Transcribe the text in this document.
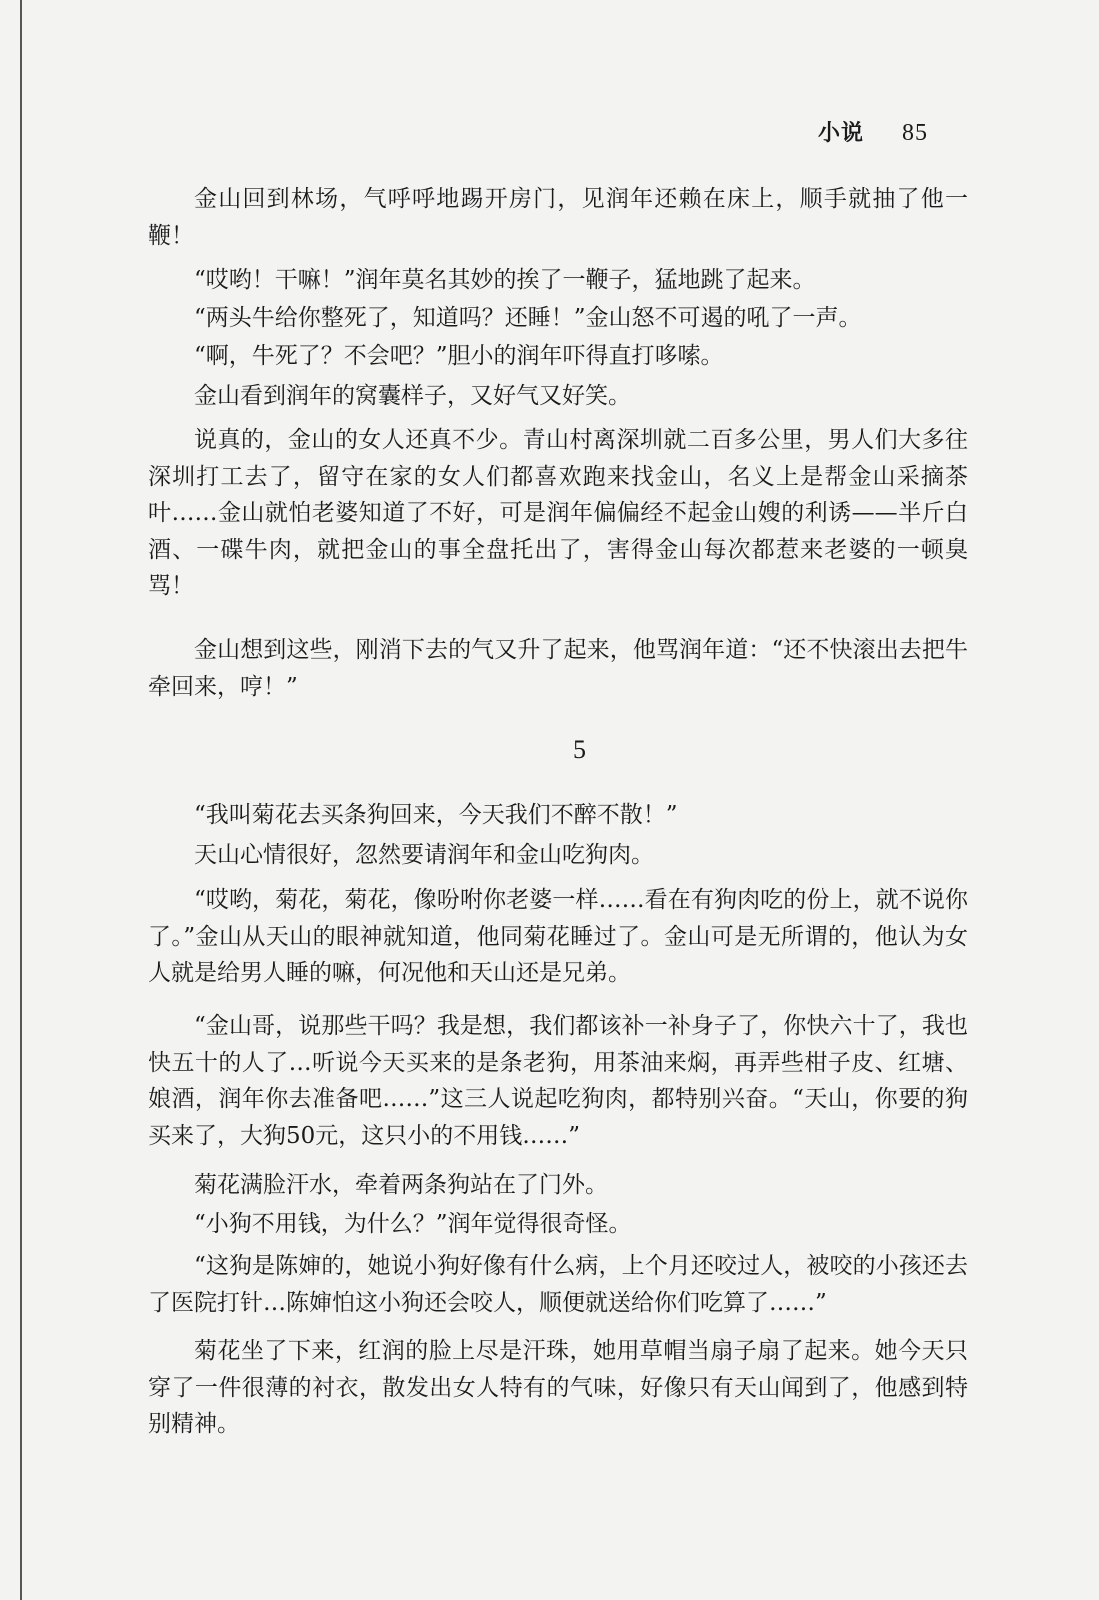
小说 85

金山回到林场，气呼呼地踢开房门，见润年还赖在床上，顺手就抽了他一鞭！

“哎哟！干嘛！”润年莫名其妙的挨了一鞭子，猛地跳了起来。

“两头牛给你整死了，知道吗？还睡！”金山怒不可遏的吼了一声。

“啊，牛死了？不会吧？”胆小的润年吓得直打哆嗦。

金山看到润年的窝囊样子，又好气又好笑。

说真的，金山的女人还真不少。青山村离深圳就二百多公里，男人们大多往深圳打工去了，留守在家的女人们都喜欢跑来找金山，名义上是帮金山采摘茶叶……金山就怕老婆知道了不好，可是润年偏偏经不起金山嫂的利诱——半斤白酒、一碟牛肉，就把金山的事全盘托出了，害得金山每次都惹来老婆的一顿臭骂！

金山想到这些，刚消下去的气又升了起来，他骂润年道：“还不快滚出去把牛牵回来，哼！”

5

“我叫菊花去买条狗回来，今天我们不醉不散！”

天山心情很好，忽然要请润年和金山吃狗肉。

“哎哟，菊花，菊花，像吩咐你老婆一样……看在有狗肉吃的份上，就不说你了。”金山从天山的眼神就知道，他同菊花睡过了。金山可是无所谓的，他认为女人就是给男人睡的嘛，何况他和天山还是兄弟。

“金山哥，说那些干吗？我是想，我们都该补一补身子了，你快六十了，我也快五十的人了…听说今天买来的是条老狗，用茶油来焖，再弄些柑子皮、红塘、娘酒，润年你去准备吧……”这三人说起吃狗肉，都特别兴奋。“天山，你要的狗买来了，大狗50元，这只小的不用钱……”

菊花满脸汗水，牵着两条狗站在了门外。

“小狗不用钱，为什么？”润年觉得很奇怪。

“这狗是陈婶的，她说小狗好像有什么病，上个月还咬过人，被咬的小孩还去了医院打针…陈婶怕这小狗还会咬人，顺便就送给你们吃算了……”

菊花坐了下来，红润的脸上尽是汗珠，她用草帽当扇子扇了起来。她今天只穿了一件很薄的衬衣，散发出女人特有的气味，好像只有天山闻到了，他感到特别精神。
